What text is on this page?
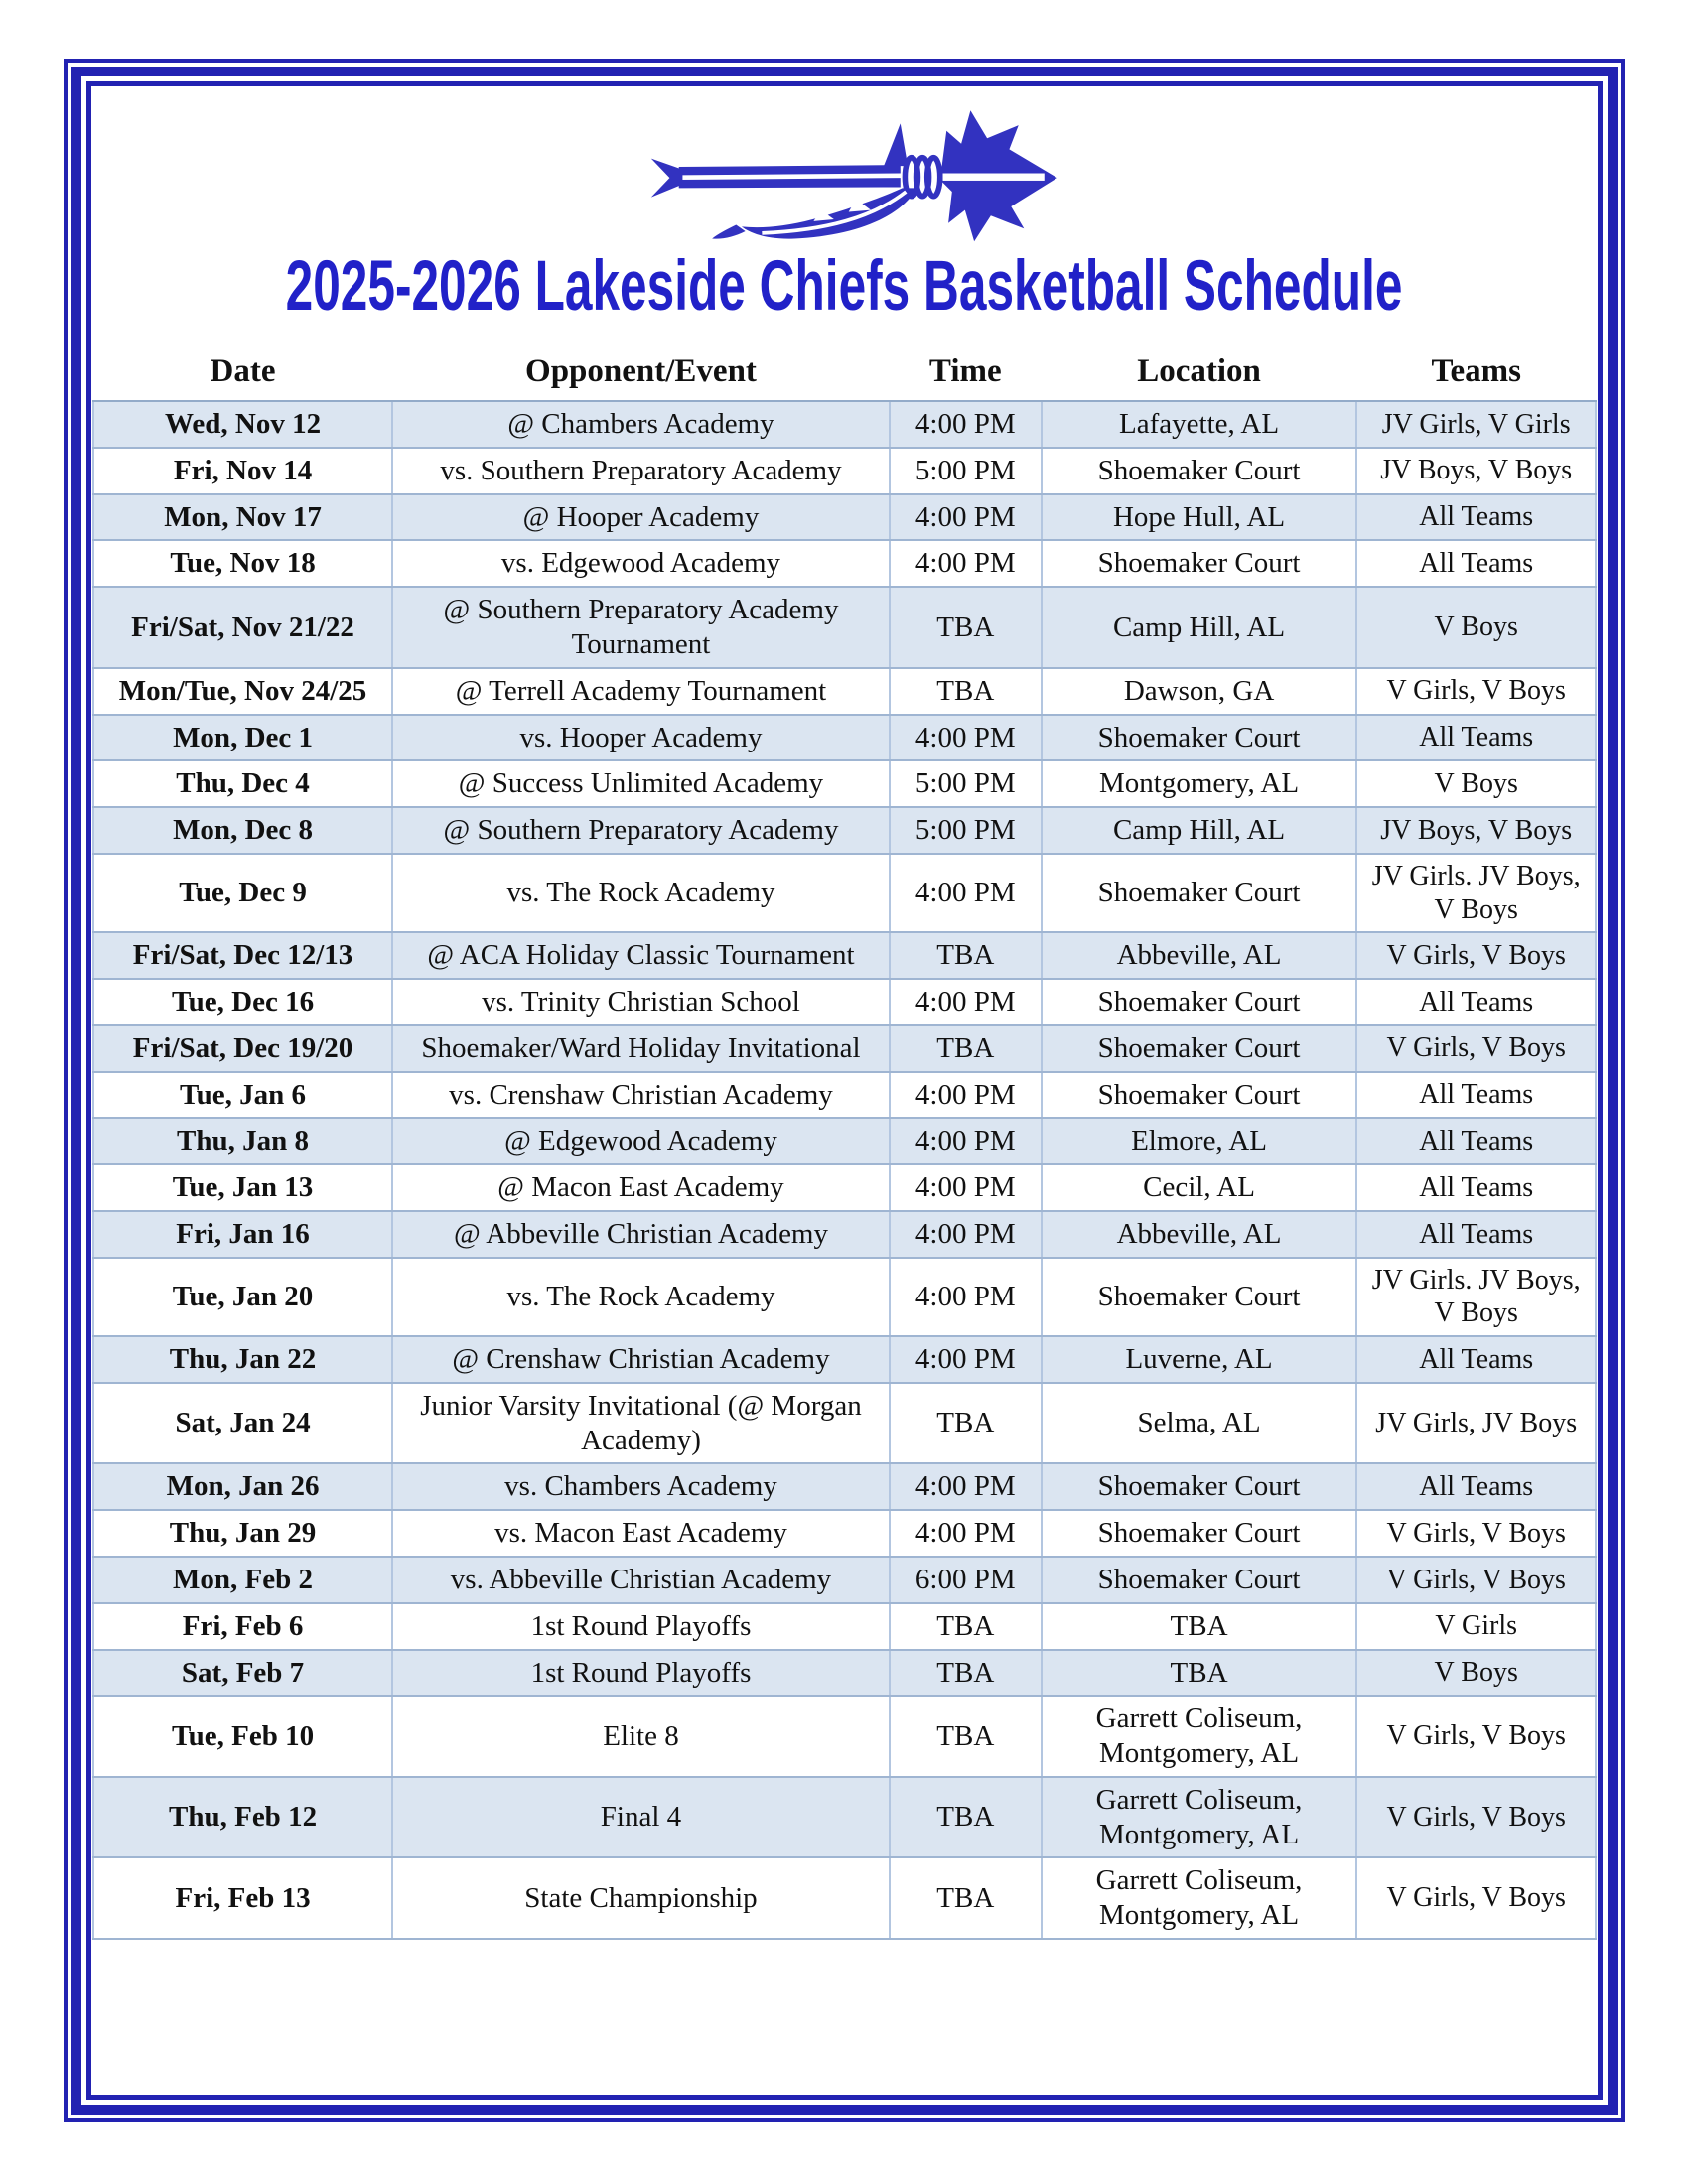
2025-2026 Lakeside Chiefs Basketball Schedule
Date	Opponent/Event	Time	Location	Teams
Wed, Nov 12	@ Chambers Academy	4:00 PM	Lafayette, AL	JV Girls, V Girls
Fri, Nov 14	vs. Southern Preparatory Academy	5:00 PM	Shoemaker Court	JV Boys, V Boys
Mon, Nov 17	@ Hooper Academy	4:00 PM	Hope Hull, AL	All Teams
Tue, Nov 18	vs. Edgewood Academy	4:00 PM	Shoemaker Court	All Teams
Fri/Sat, Nov 21/22	@ Southern Preparatory Academy Tournament	TBA	Camp Hill, AL	V Boys
Mon/Tue, Nov 24/25	@ Terrell Academy Tournament	TBA	Dawson, GA	V Girls, V Boys
Mon, Dec 1	vs. Hooper Academy	4:00 PM	Shoemaker Court	All Teams
Thu, Dec 4	@ Success Unlimited Academy	5:00 PM	Montgomery, AL	V Boys
Mon, Dec 8	@ Southern Preparatory Academy	5:00 PM	Camp Hill, AL	JV Boys, V Boys
Tue, Dec 9	vs. The Rock Academy	4:00 PM	Shoemaker Court	JV Girls. JV Boys, V Boys
Fri/Sat, Dec 12/13	@ ACA Holiday Classic Tournament	TBA	Abbeville, AL	V Girls, V Boys
Tue, Dec 16	vs. Trinity Christian School	4:00 PM	Shoemaker Court	All Teams
Fri/Sat, Dec 19/20	Shoemaker/Ward Holiday Invitational	TBA	Shoemaker Court	V Girls, V Boys
Tue, Jan 6	vs. Crenshaw Christian Academy	4:00 PM	Shoemaker Court	All Teams
Thu, Jan 8	@ Edgewood Academy	4:00 PM	Elmore, AL	All Teams
Tue, Jan 13	@ Macon East Academy	4:00 PM	Cecil, AL	All Teams
Fri, Jan 16	@ Abbeville Christian Academy	4:00 PM	Abbeville, AL	All Teams
Tue, Jan 20	vs. The Rock Academy	4:00 PM	Shoemaker Court	JV Girls. JV Boys, V Boys
Thu, Jan 22	@ Crenshaw Christian Academy	4:00 PM	Luverne, AL	All Teams
Sat, Jan 24	Junior Varsity Invitational (@ Morgan Academy)	TBA	Selma, AL	JV Girls, JV Boys
Mon, Jan 26	vs. Chambers Academy	4:00 PM	Shoemaker Court	All Teams
Thu, Jan 29	vs. Macon East Academy	4:00 PM	Shoemaker Court	V Girls, V Boys
Mon, Feb 2	vs. Abbeville Christian Academy	6:00 PM	Shoemaker Court	V Girls, V Boys
Fri, Feb 6	1st Round Playoffs	TBA	TBA	V Girls
Sat, Feb 7	1st Round Playoffs	TBA	TBA	V Boys
Tue, Feb 10	Elite 8	TBA	Garrett Coliseum, Montgomery, AL	V Girls, V Boys
Thu, Feb 12	Final 4	TBA	Garrett Coliseum, Montgomery, AL	V Girls, V Boys
Fri, Feb 13	State Championship	TBA	Garrett Coliseum, Montgomery, AL	V Girls, V Boys
